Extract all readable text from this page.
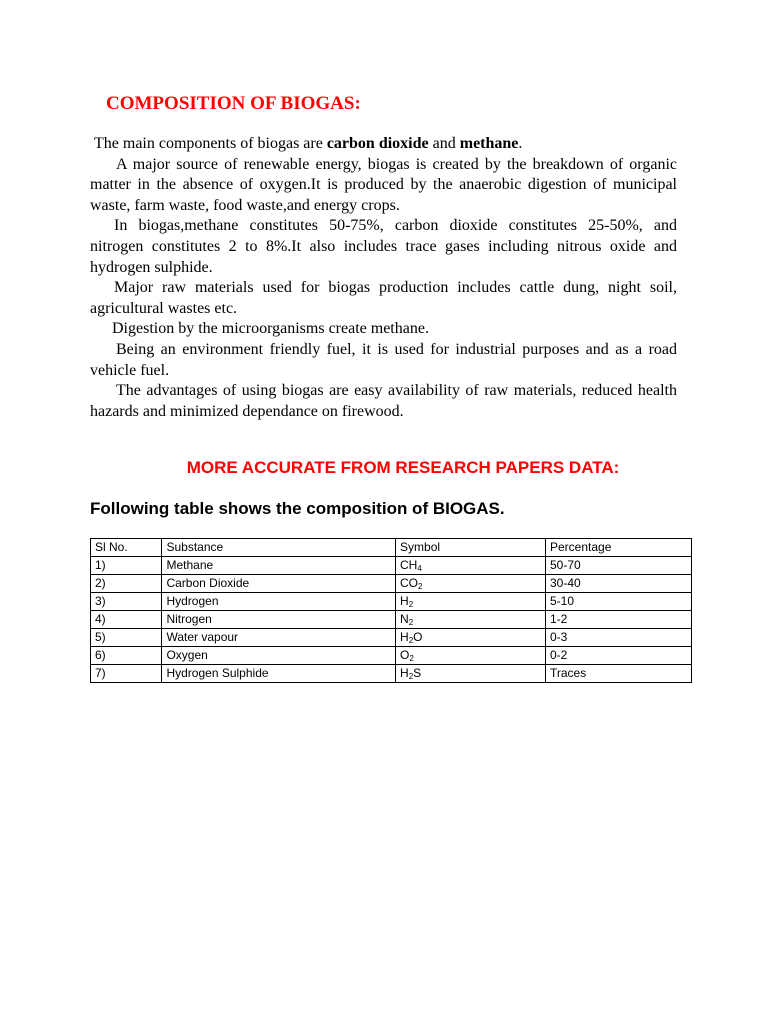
COMPOSITION OF BIOGAS:

The main components of biogas are carbon dioxide and methane.

A major source of renewable energy, biogas is created by the breakdown of organic matter in the absence of oxygen.It is produced by the anaerobic digestion of municipal waste, farm waste, food waste,and energy crops.

In biogas,methane constitutes 50-75%, carbon dioxide constitutes 25-50%, and nitrogen constitutes 2 to 8%.It also includes trace gases including nitrous oxide and hydrogen sulphide.

Major raw materials used for biogas production includes cattle dung, night soil, agricultural wastes etc.

Digestion by the microorganisms create methane.

Being an environment friendly fuel, it is used for industrial purposes and as a road vehicle fuel.

The advantages of using biogas are easy availability of raw materials, reduced health hazards and minimized dependance on firewood.

MORE ACCURATE FROM RESEARCH PAPERS DATA:
Following table shows the composition of BIOGAS.
Sl No.	Substance	Symbol	Percentage
1)	Methane	$CH_4$	50-70
2)	Carbon Dioxide	$CO_2$	30-40
3)	Hydrogen	$H_2$	5-10
4)	Nitrogen	$N_2$	1-2
5)	Water vapour	$H_2O$	0-3
6)	Oxygen	$O_2$	0-2
7)	Hydrogen Sulphide	$H_2S$	Traces
